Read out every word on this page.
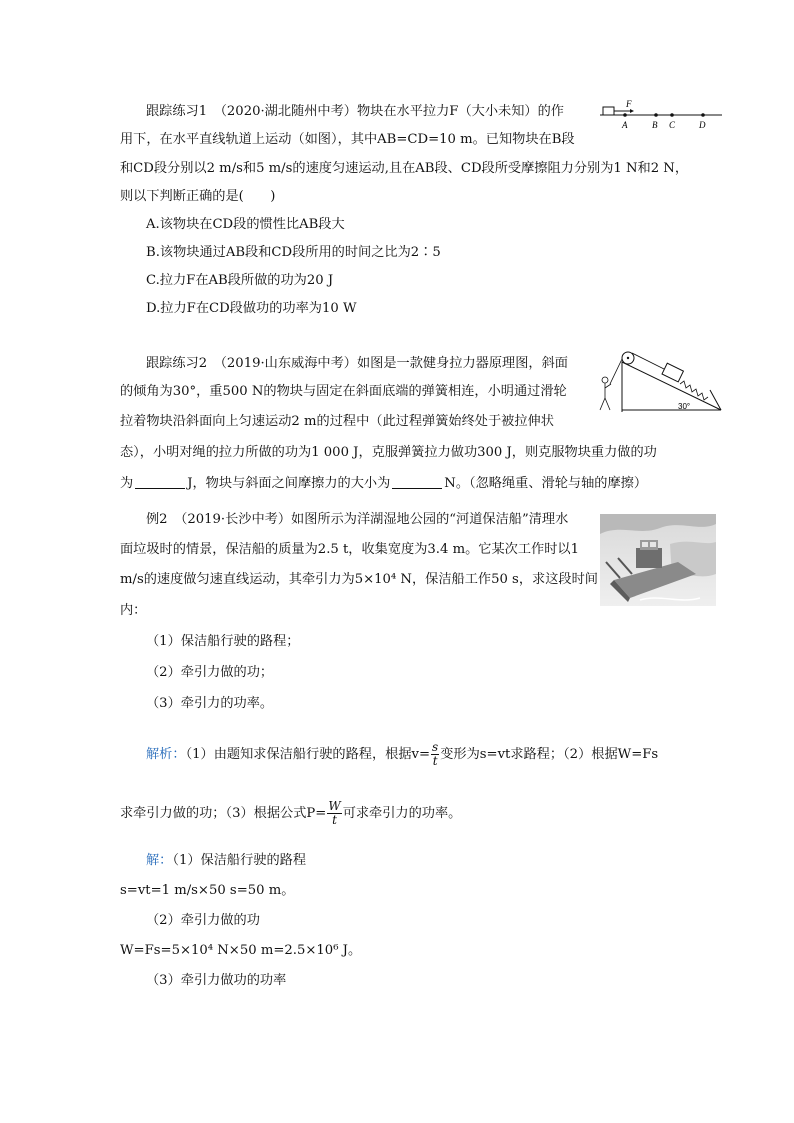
跟踪练习1　（2020·湖北随州中考）物块在水平拉力F（大小未知）的作
用下，在水平直线轨道上运动（如图），其中AB=CD=10 m。已知物块在B段
和CD段分别以2 m/s和5 m/s的速度匀速运动,且在AB段、CD段所受摩擦阻力分别为1 N和2 N，
则以下判断正确的是(　　)
A.该物块在CD段的惯性比AB段大
B.该物块通过AB段和CD段所用的时间之比为2∶5
C.拉力F在AB段所做的功为20 J
D.拉力F在CD段做功的功率为10 W
F
A	B C	D
跟踪练习2　（2019·山东威海中考）如图是一款健身拉力器原理图，斜面
的倾角为30°，重500 N的物块与固定在斜面底端的弹簧相连，小明通过滑轮
拉着物块沿斜面向上匀速运动2 m的过程中（此过程弹簧始终处于被拉伸状
态），小明对绳的拉力所做的功为1 000 J，克服弹簧拉力做功300 J，则克服物块重力做的功
为	J，物块与斜面之间摩擦力的大小为	N。（忽略绳重、滑轮与轴的摩擦）
30°
例2　（2019·长沙中考）如图所示为洋湖湿地公园的“河道保洁船”清理水
面垃圾时的情景，保洁船的质量为2.5 t，收集宽度为3.4 m。它某次工作时以1
m/s的速度做匀速直线运动，其牵引力为5×10⁴ N，保洁船工作50 s，求这段时间
内：
（1）保洁船行驶的路程；
（2）牵引力做的功；
（3）牵引力的功率。
解析：（1）由题知求保洁船行驶的路程，根据$v= \frac{s}{t}$ 变形为s=vt求路程；（2）根据W=Fs
求牵引力做的功；（3）根据公式$P= \frac{W}{t}$ 可求牵引力的功率。
解：（1）保洁船行驶的路程
s=vt=1 m/s×50 s=50 m。
（2）牵引力做的功
W=Fs=5×10⁴ N×50 m=2.5×10⁶ J。
（3）牵引力做功的功率
